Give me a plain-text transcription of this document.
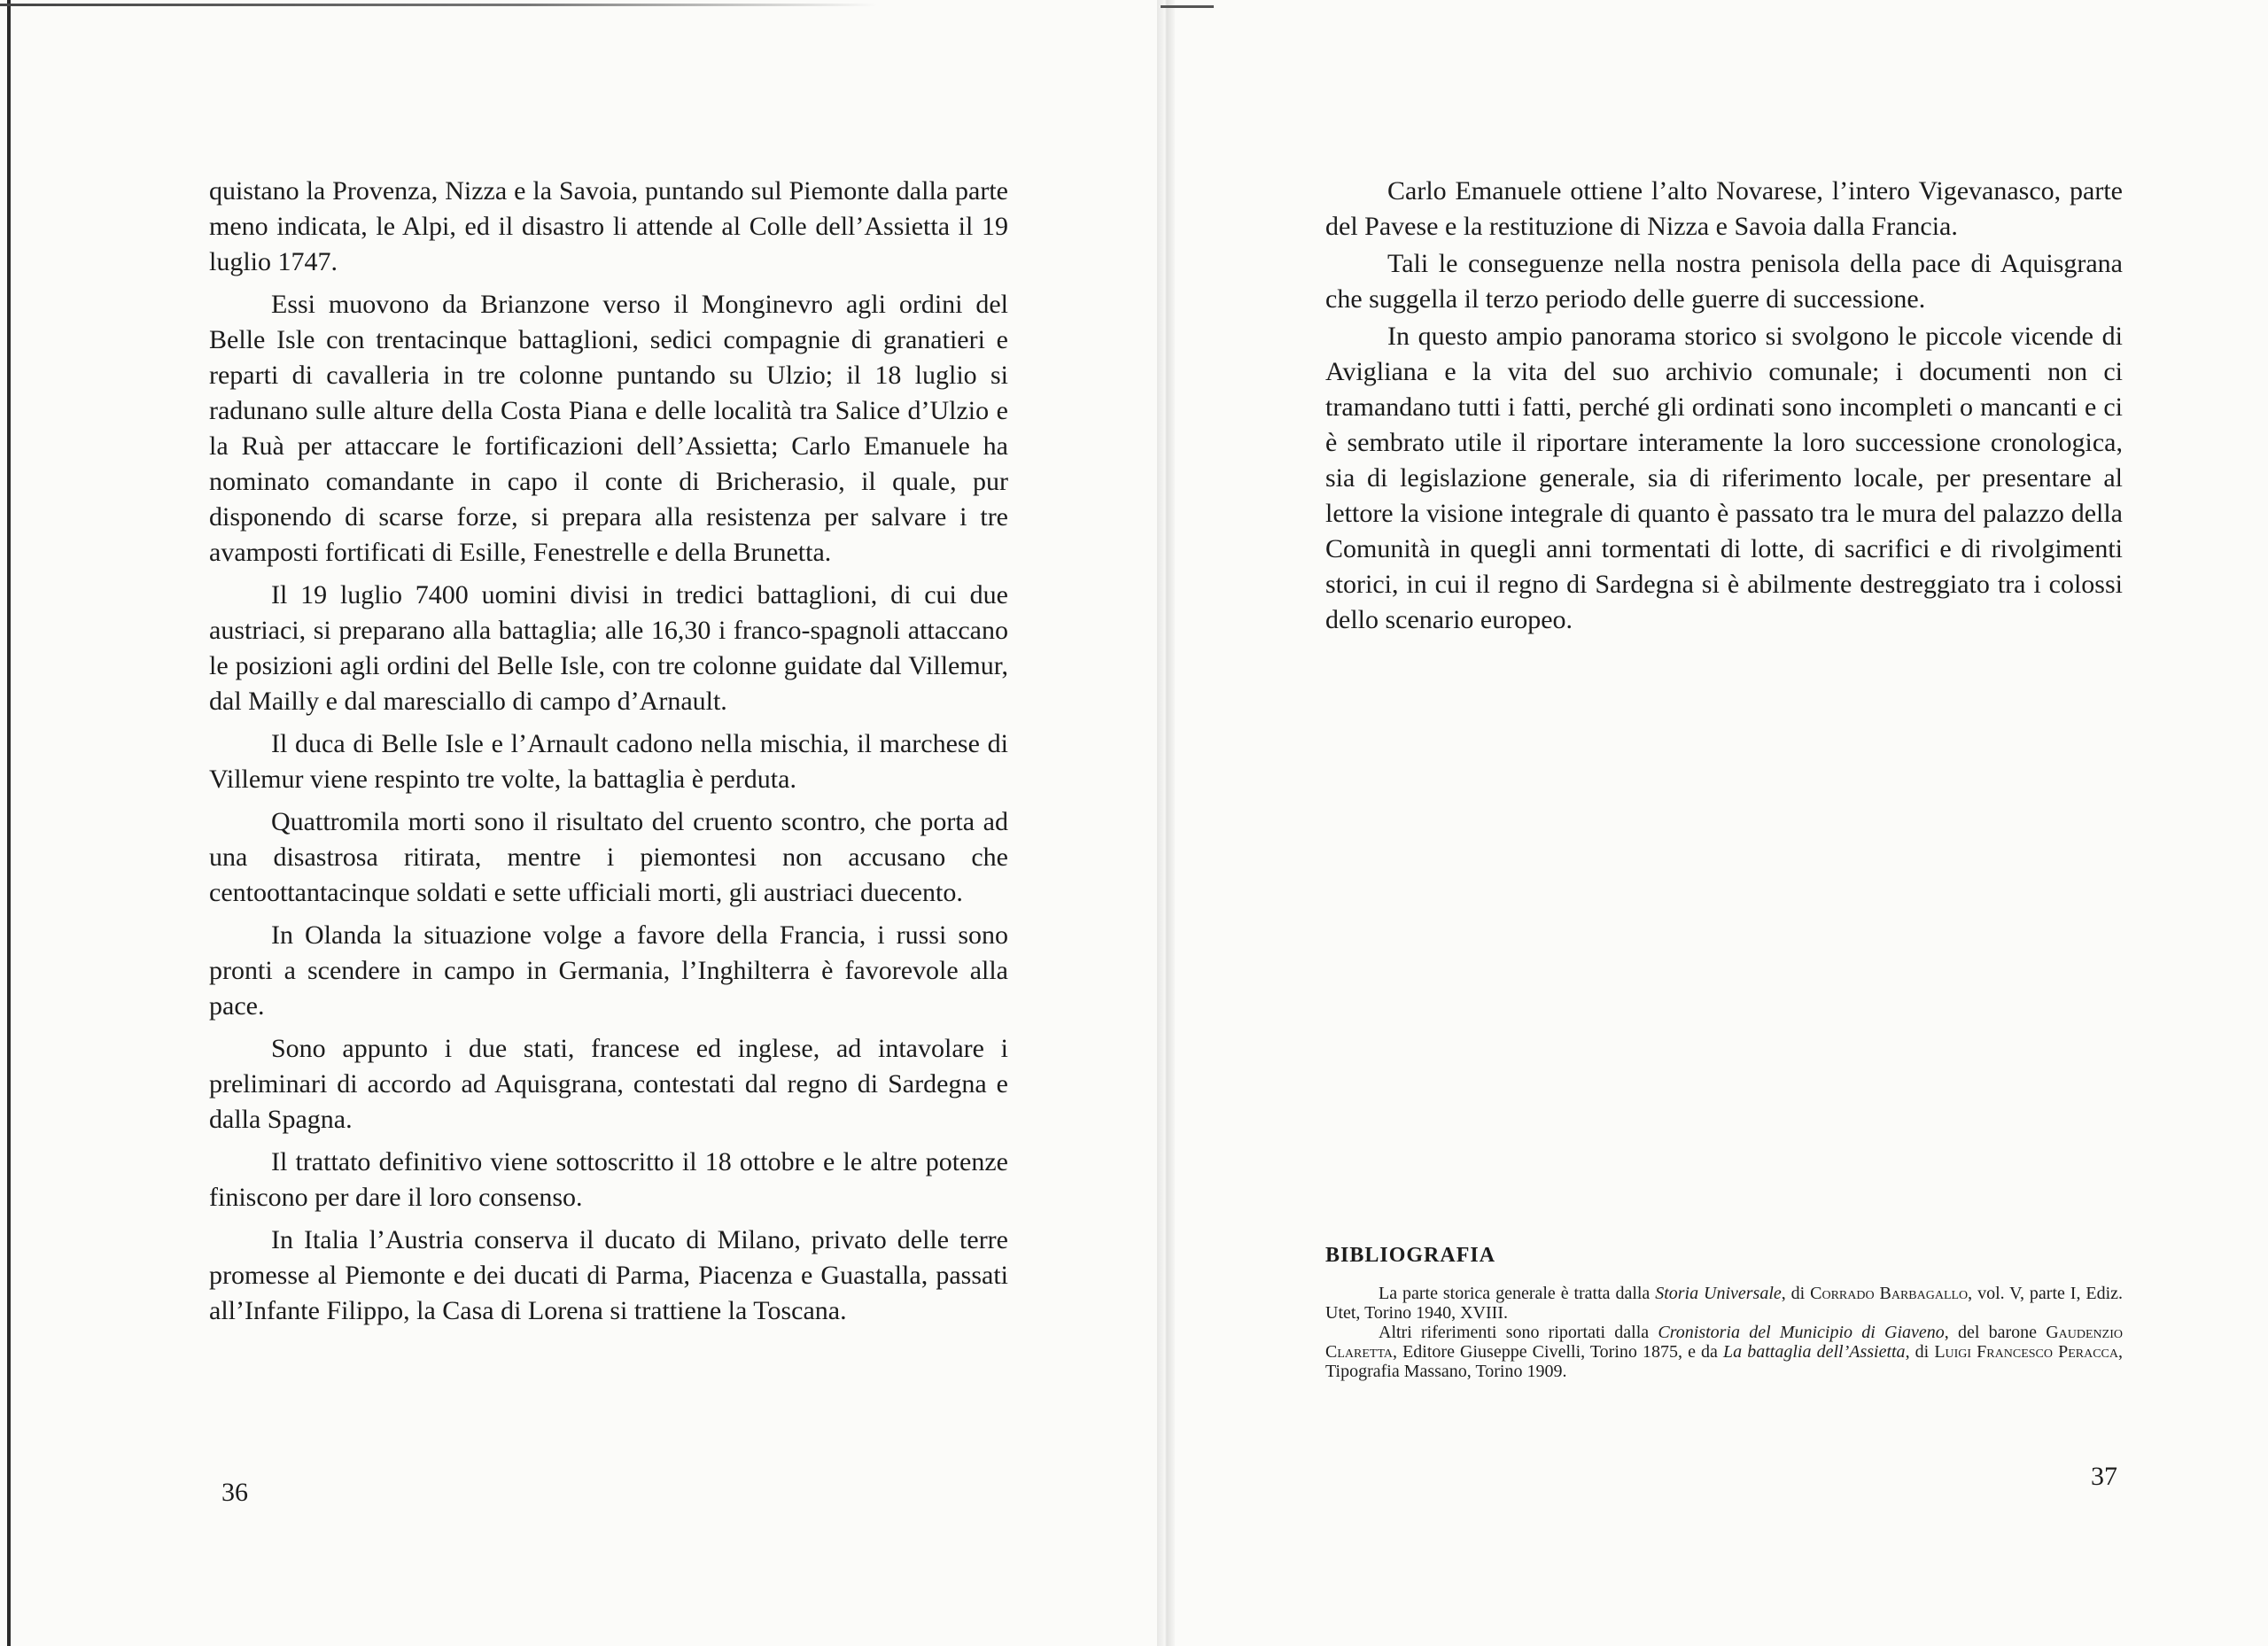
quistano la Provenza, Nizza e la Savoia, puntando sul Piemonte dalla parte meno indicata, le Alpi, ed il disastro li attende al Colle dell’Assietta il 19 luglio 1747.

Essi muovono da Brianzone verso il Monginevro agli ordini del Belle Isle con trentacinque battaglioni, sedici compagnie di granatieri e reparti di cavalleria in tre colonne puntando su Ulzio; il 18 luglio si radunano sulle alture della Costa Piana e delle località tra Salice d’Ulzio e la Ruà per attaccare le fortificazioni dell’Assietta; Carlo Emanuele ha nominato comandante in capo il conte di Bricherasio, il quale, pur disponendo di scarse forze, si prepara alla resistenza per salvare i tre avamposti fortificati di Esille, Fenestrelle e della Brunetta.

Il 19 luglio 7400 uomini divisi in tredici battaglioni, di cui due austriaci, si preparano alla battaglia; alle 16,30 i franco-spagnoli attaccano le posizioni agli ordini del Belle Isle, con tre colonne guidate dal Villemur, dal Mailly e dal maresciallo di campo d’Arnault.

Il duca di Belle Isle e l’Arnault cadono nella mischia, il marchese di Villemur viene respinto tre volte, la battaglia è perduta.

Quattromila morti sono il risultato del cruento scontro, che porta ad una disastrosa ritirata, mentre i piemontesi non accusano che centoottantacinque soldati e sette ufficiali morti, gli austriaci duecento.

In Olanda la situazione volge a favore della Francia, i russi sono pronti a scendere in campo in Germania, l’Inghilterra è favorevole alla pace.

Sono appunto i due stati, francese ed inglese, ad intavolare i preliminari di accordo ad Aquisgrana, contestati dal regno di Sardegna e dalla Spagna.

Il trattato definitivo viene sottoscritto il 18 ottobre e le altre potenze finiscono per dare il loro consenso.

In Italia l’Austria conserva il ducato di Milano, privato delle terre promesse al Piemonte e dei ducati di Parma, Piacenza e Guastalla, passati all’Infante Filippo, la Casa di Lorena si trattiene la Toscana.

36

Carlo Emanuele ottiene l’alto Novarese, l’intero Vigevanasco, parte del Pavese e la restituzione di Nizza e Savoia dalla Francia.

Tali le conseguenze nella nostra penisola della pace di Aquisgrana che suggella il terzo periodo delle guerre di successione.

In questo ampio panorama storico si svolgono le piccole vicende di Avigliana e la vita del suo archivio comunale; i documenti non ci tramandano tutti i fatti, perché gli ordinati sono incompleti o mancanti e ci è sembrato utile il riportare interamente la loro successione cronologica, sia di legislazione generale, sia di riferimento locale, per presentare al lettore la visione integrale di quanto è passato tra le mura del palazzo della Comunità in quegli anni tormentati di lotte, di sacrifici e di rivolgimenti storici, in cui il regno di Sardegna si è abilmente destreggiato tra i colossi dello scenario europeo.

BIBLIOGRAFIA

La parte storica generale è tratta dalla Storia Universale, di Corrado Barbagallo, vol. V, parte I, Ediz. Utet, Torino 1940, XVIII.

Altri riferimenti sono riportati dalla Cronistoria del Municipio di Giaveno, del barone Gaudenzio Claretta, Editore Giuseppe Civelli, Torino 1875, e da La battaglia dell’Assietta, di Luigi Francesco Peracca, Tipografia Massano, Torino 1909.

37
